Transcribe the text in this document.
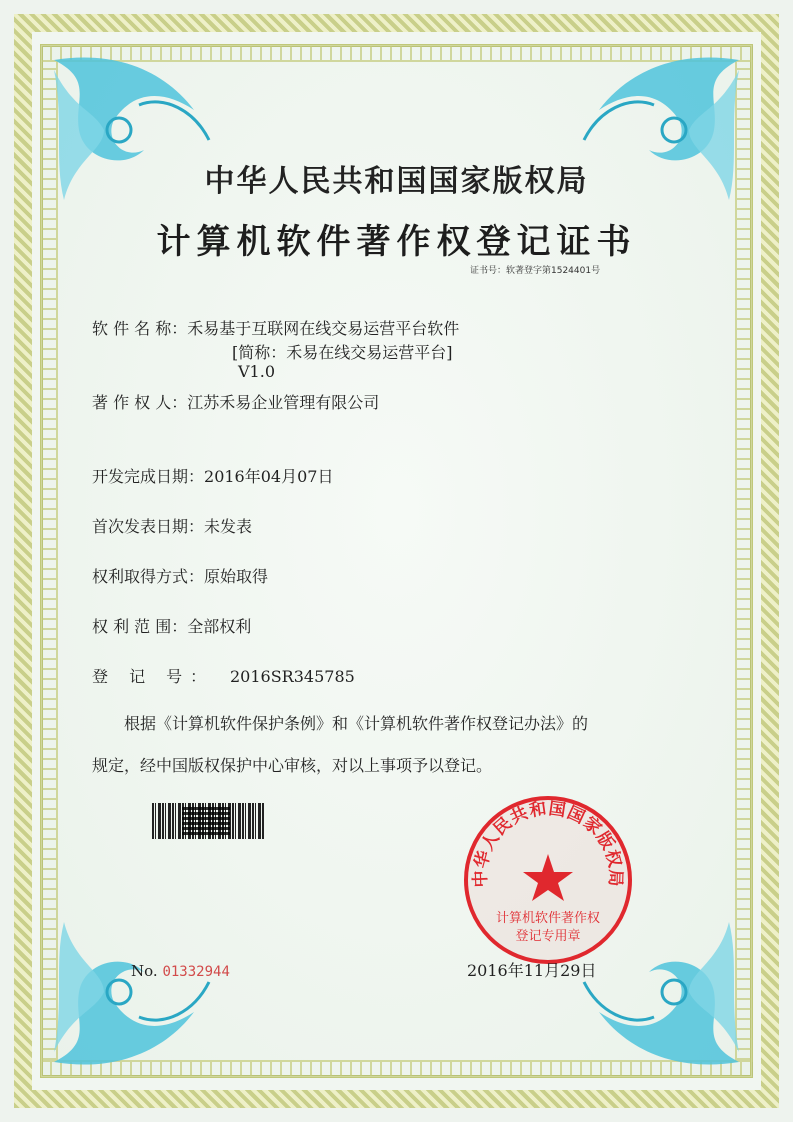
中华人民共和国国家版权局
计算机软件著作权登记证书
证书号：软著登字第1524401号
软 件 名 称：禾易基于互联网在线交易运营平台软件
[简称：禾易在线交易运营平台]
V1.0
著 作 权 人：江苏禾易企业管理有限公司
开发完成日期：2016年04月07日
首次发表日期：未发表
权利取得方式：原始取得
权 利 范 围：全部权利
登 记 号： 2016SR345785
根据《计算机软件保护条例》和《计算机软件著作权登记办法》的
规定，经中国版权保护中心审核，对以上事项予以登记。
中华人民共和国国家版权局
计算机软件著作权
登记专用章
No. 01332944	2016年11月29日
